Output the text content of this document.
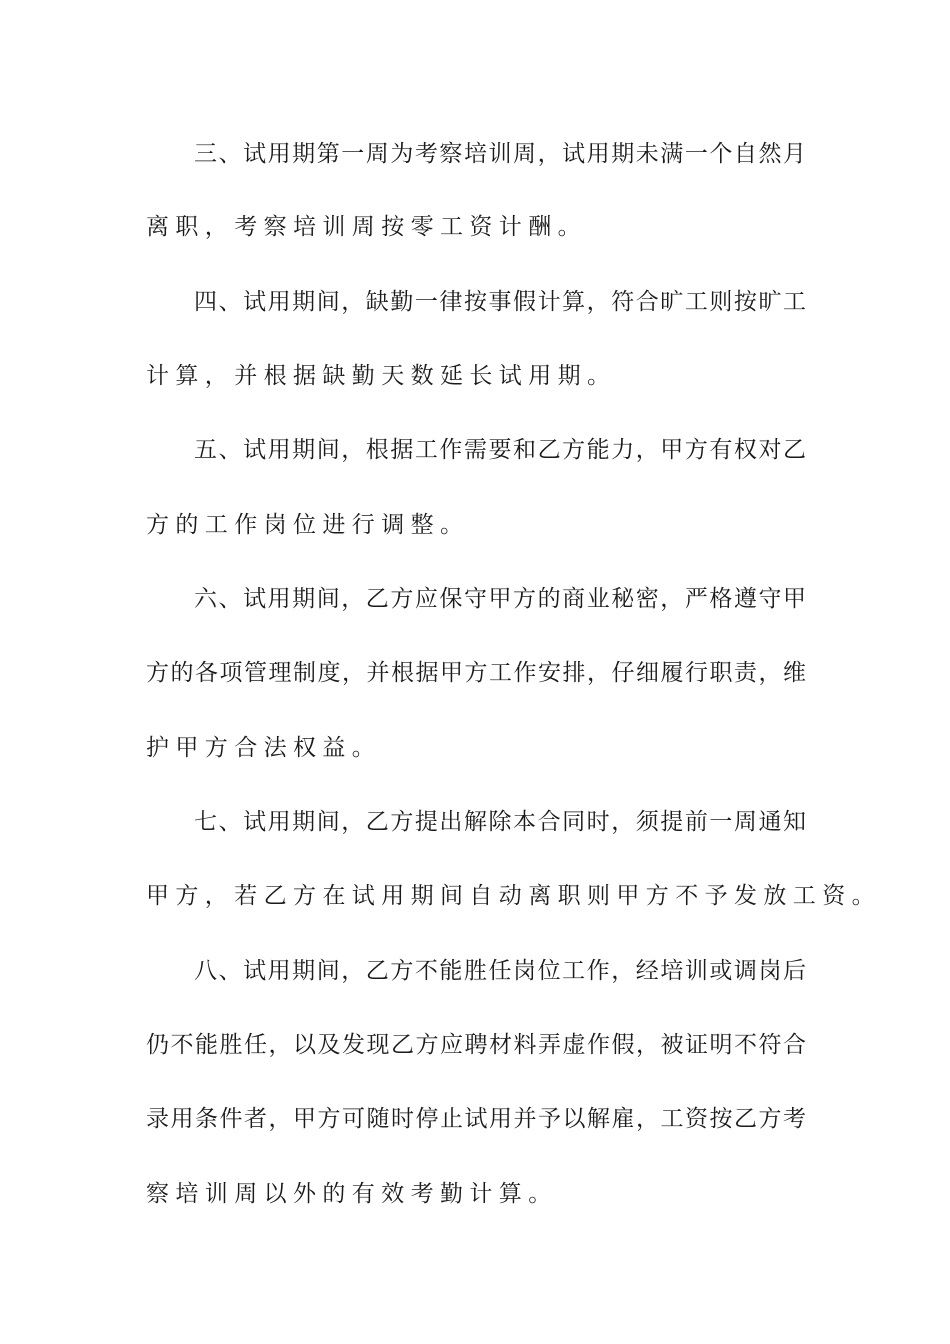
三、试用期第一周为考察培训周，试用期未满一个自然月
离职，考察培训周按零工资计酬。
四、试用期间，缺勤一律按事假计算，符合旷工则按旷工
计算，并根据缺勤天数延长试用期。
五、试用期间，根据工作需要和乙方能力，甲方有权对乙
方的工作岗位进行调整。
六、试用期间，乙方应保守甲方的商业秘密，严格遵守甲
方的各项管理制度，并根据甲方工作安排，仔细履行职责，维
护甲方合法权益。
七、试用期间，乙方提出解除本合同时，须提前一周通知
甲方，若乙方在试用期间自动离职则甲方不予发放工资。
八、试用期间，乙方不能胜任岗位工作，经培训或调岗后
仍不能胜任，以及发现乙方应聘材料弄虚作假，被证明不符合
录用条件者，甲方可随时停止试用并予以解雇，工资按乙方考
察培训周以外的有效考勤计算。
